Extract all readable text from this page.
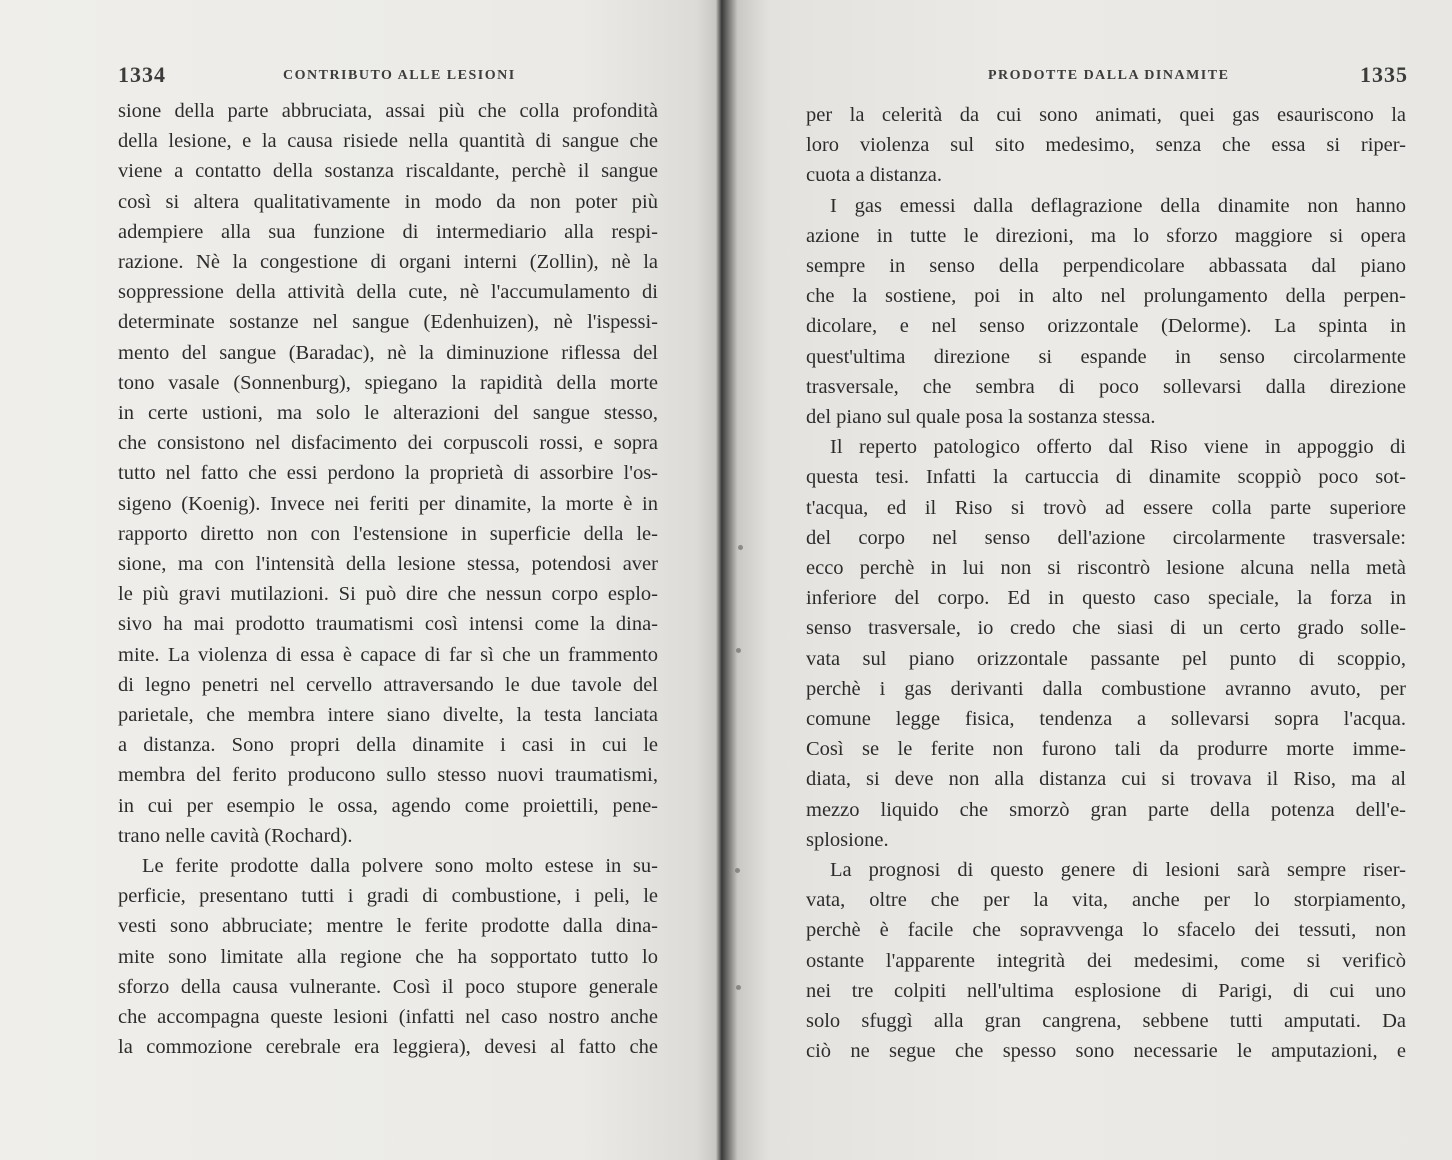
1334	CONTRIBUTO ALLE LESIONI
sione della parte abbruciata, assai più che colla profondità
della lesione, e la causa risiede nella quantità di sangue che
viene a contatto della sostanza riscaldante, perchè il sangue
così si altera qualitativamente in modo da non poter più
adempiere alla sua funzione di intermediario alla respi-
razione. Nè la congestione di organi interni (Zollin), nè la
soppressione della attività della cute, nè l'accumulamento di
determinate sostanze nel sangue (Edenhuizen), nè l'ispessi-
mento del sangue (Baradac), nè la diminuzione riflessa del
tono vasale (Sonnenburg), spiegano la rapidità della morte
in certe ustioni, ma solo le alterazioni del sangue stesso,
che consistono nel disfacimento dei corpuscoli rossi, e sopra
tutto nel fatto che essi perdono la proprietà di assorbire l'os-
sigeno (Koenig). Invece nei feriti per dinamite, la morte è in
rapporto diretto non con l'estensione in superficie della le-
sione, ma con l'intensità della lesione stessa, potendosi aver
le più gravi mutilazioni. Si può dire che nessun corpo esplo-
sivo ha mai prodotto traumatismi così intensi come la dina-
mite. La violenza di essa è capace di far sì che un frammento
di legno penetri nel cervello attraversando le due tavole del
parietale, che membra intere siano divelte, la testa lanciata
a distanza. Sono propri della dinamite i casi in cui le
membra del ferito producono sullo stesso nuovi traumatismi,
in cui per esempio le ossa, agendo come proiettili, pene-
trano nelle cavità (Rochard).
Le ferite prodotte dalla polvere sono molto estese in su-
perficie, presentano tutti i gradi di combustione, i peli, le
vesti sono abbruciate; mentre le ferite prodotte dalla dina-
mite sono limitate alla regione che ha sopportato tutto lo
sforzo della causa vulnerante. Così il poco stupore generale
che accompagna queste lesioni (infatti nel caso nostro anche
la commozione cerebrale era leggiera), devesi al fatto che
PRODOTTE DALLA DINAMITE	1335
per la celerità da cui sono animati, quei gas esauriscono la
loro violenza sul sito medesimo, senza che essa si riper-
cuota a distanza.
I gas emessi dalla deflagrazione della dinamite non hanno
azione in tutte le direzioni, ma lo sforzo maggiore si opera
sempre in senso della perpendicolare abbassata dal piano
che la sostiene, poi in alto nel prolungamento della perpen-
dicolare, e nel senso orizzontale (Delorme). La spinta in
quest'ultima direzione si espande in senso circolarmente
trasversale, che sembra di poco sollevarsi dalla direzione
del piano sul quale posa la sostanza stessa.
Il reperto patologico offerto dal Riso viene in appoggio di
questa tesi. Infatti la cartuccia di dinamite scoppiò poco sot-
t'acqua, ed il Riso si trovò ad essere colla parte superiore
del corpo nel senso dell'azione circolarmente trasversale:
ecco perchè in lui non si riscontrò lesione alcuna nella metà
inferiore del corpo. Ed in questo caso speciale, la forza in
senso trasversale, io credo che siasi di un certo grado solle-
vata sul piano orizzontale passante pel punto di scoppio,
perchè i gas derivanti dalla combustione avranno avuto, per
comune legge fisica, tendenza a sollevarsi sopra l'acqua.
Così se le ferite non furono tali da produrre morte imme-
diata, si deve non alla distanza cui si trovava il Riso, ma al
mezzo liquido che smorzò gran parte della potenza dell'e-
splosione.
La prognosi di questo genere di lesioni sarà sempre riser-
vata, oltre che per la vita, anche per lo storpiamento,
perchè è facile che sopravvenga lo sfacelo dei tessuti, non
ostante l'apparente integrità dei medesimi, come si verificò
nei tre colpiti nell'ultima esplosione di Parigi, di cui uno
solo sfuggì alla gran cangrena, sebbene tutti amputati. Da
ciò ne segue che spesso sono necessarie le amputazioni, e
